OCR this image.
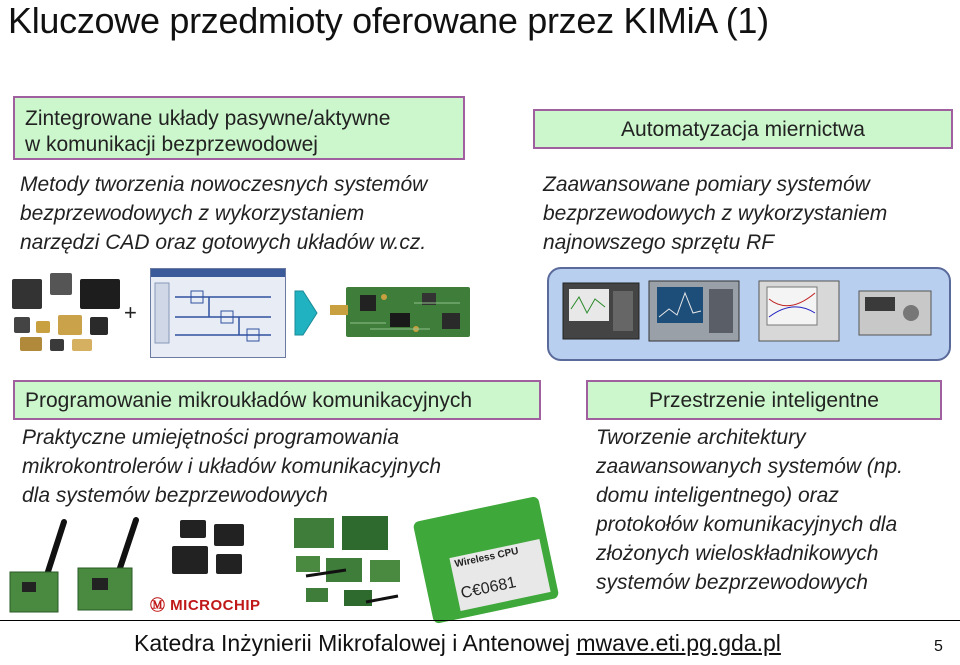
Kluczowe przedmioty oferowane przez KIMiA (1)
Zintegrowane układy pasywne/aktywne
w komunikacji bezprzewodowej
Metody tworzenia nowoczesnych systemów
bezprzewodowych z wykorzystaniem
narzędzi CAD oraz gotowych układów w.cz.
Automatyzacja miernictwa
Zaawansowane pomiary systemów
bezprzewodowych z wykorzystaniem
najnowszego sprzętu RF
+
Programowanie mikroukładów komunikacyjnych
Praktyczne umiejętności programowania
mikrokontrolerów i układów komunikacyjnych
dla systemów bezprzewodowych
Przestrzenie inteligentne
Tworzenie architektury
zaawansowanych systemów (np.
domu inteligentnego) oraz
protokołów komunikacyjnych dla
złożonych wieloskładnikowych
systemów bezprzewodowych
Ⓜ MICROCHIP
Wireless CPU
C€0681
Katedra Inżynierii Mikrofalowej i Antenowej mwave.eti.pg.gda.pl	5
